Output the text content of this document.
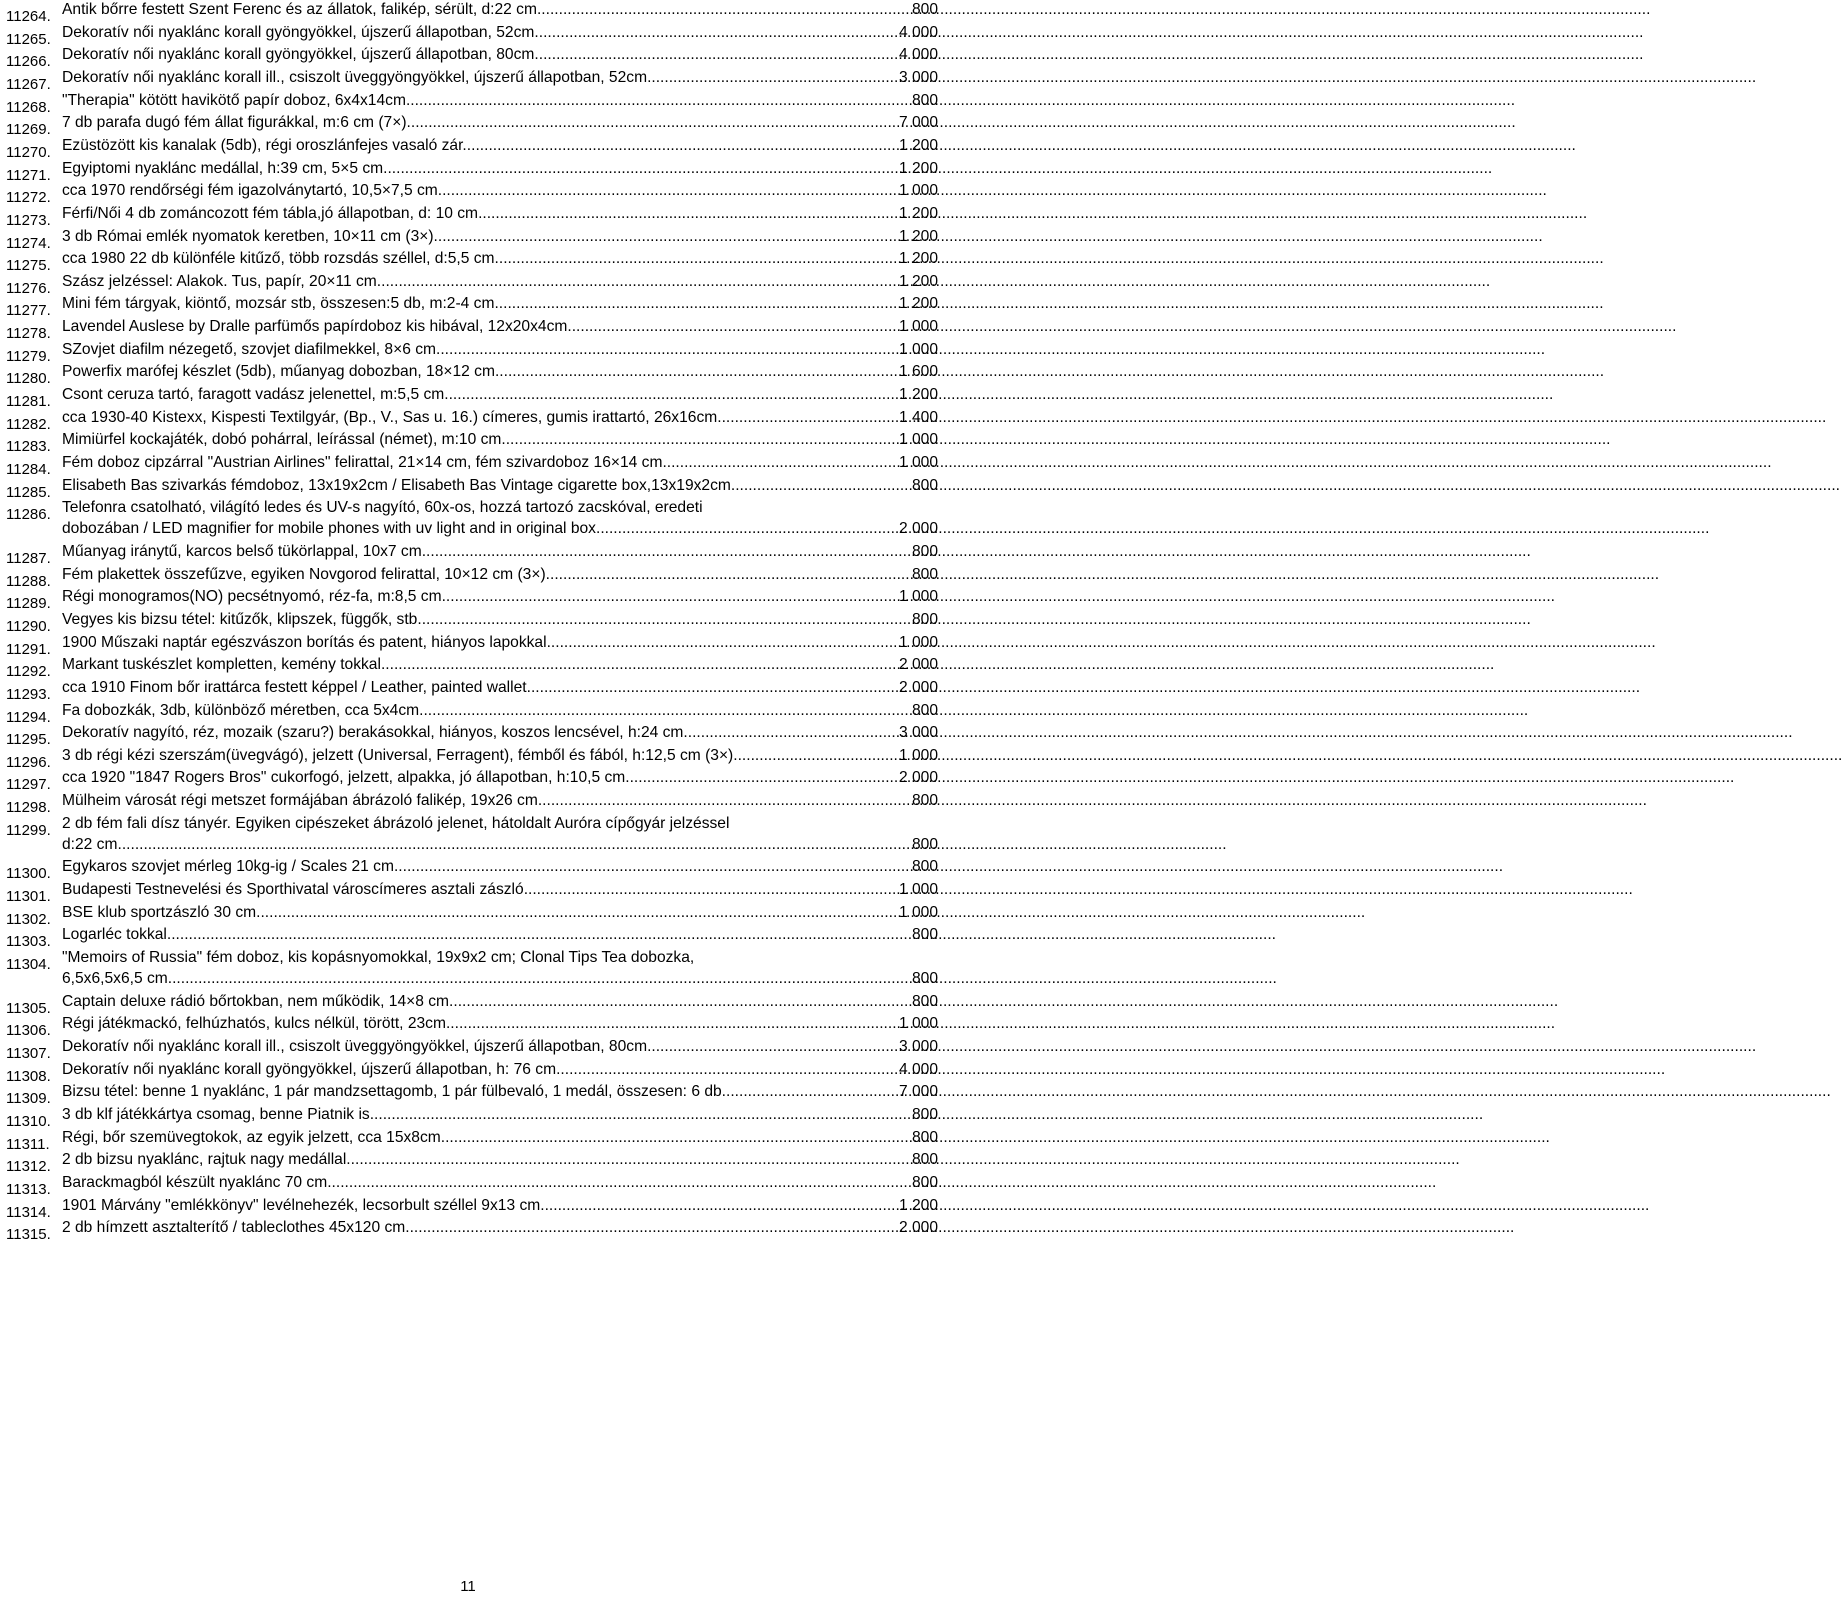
11264. Antik bőrre festett Szent Ferenc és az állatok, falikép, sérült, d:22 cm. .....	800
11265. Dekoratív női nyaklánc korall gyöngyökkel, újszerű állapotban, 52cm .....	4 000
11266. Dekoratív női nyaklánc korall gyöngyökkel, újszerű állapotban, 80cm .....	4 000
11267. Dekoratív női nyaklánc korall ill., csiszolt üveggyöngyökkel, újszerű állapotban, 52cm .....	3 000
11268. "Therapia" kötött havikötő papír doboz, 6x4x14cm .....	800
11269. 7 db parafa dugó fém állat figurákkal, m:6 cm (7×) .....	7 000
11270. Ezüstözött kis kanalak (5db), régi oroszlánfejes vasaló zár. .....	1 200
11271. Egyiptomi nyaklánc medállal, h:39 cm, 5×5 cm .....	1 200
11272. cca 1970 rendőrségi fém igazolványtartó, 10,5×7,5 cm .....	1 000
11273. Férfi/Női 4 db zománcozott fém tábla,jó állapotban, d: 10 cm .....	1 200
11274. 3 db Római emlék nyomatok keretben, 10×11 cm (3×) .....	1 200
11275. cca 1980 22 db különféle kitűző, több rozsdás széllel, d:5,5 cm .....	1 200
11276. Szász jelzéssel: Alakok. Tus, papír, 20×11 cm. .....	1 200
11277. Mini fém tárgyak, kiöntő, mozsár stb, összesen:5 db, m:2-4 cm .....	1 200
11278. Lavendel Auslese by Dralle parfümős papírdoboz kis hibával, 12x20x4cm .....	1 000
11279. SZovjet diafilm nézegető, szovjet diafilmekkel, 8×6 cm .....	1 000
11280. Powerfix marófej készlet (5db), műanyag dobozban, 18×12 cm .....	1 600
11281. Csont ceruza tartó, faragott vadász jelenettel, m:5,5 cm .....	1 200
11282. cca 1930-40 Kistexx, Kispesti Textilgyár, (Bp., V., Sas u. 16.) címeres, gumis irattartó, 26x16cm .....	1 400
11283. Mimiürfel kockajáték, dobó pohárral, leírással (német), m:10 cm .....	1 000
11284. Fém doboz cipzárral "Austrian Airlines" felirattal, 21×14 cm, fém szivardoboz 16×14 cm .....	1 000
11285. Elisabeth Bas szivarkás fémdoboz, 13x19x2cm / Elisabeth Bas Vintage cigarette box,13x19x2cm .....	800
11286. Telefonra csatolható, világító ledes és UV-s nagyító, 60x-os, hozzá tartozó zacskóval, eredeti
dobozában / LED magnifier for mobile phones with uv light and in original box. .....	2 000
11287. Műanyag iránytű, karcos belső tükörlappal, 10x7 cm .....	800
11288. Fém plakettek összefűzve, egyiken Novgorod felirattal, 10×12 cm (3×). .....	800
11289. Régi monogramos(NO) pecsétnyomó, réz-fa, m:8,5 cm. .....	1 000
11290. Vegyes kis bizsu tétel: kitűzők, klipszek, függők, stb. .....	800
11291. 1900 Műszaki naptár egészvászon borítás és patent, hiányos lapokkal .....	1 000
11292. Markant tuskészlet kompletten, kemény tokkal. .....	2 000
11293. cca 1910 Finom bőr irattárca festett képpel / Leather, painted wallet. .....	2 000
11294. Fa dobozkák, 3db, különböző méretben, cca 5x4cm .....	800
11295. Dekoratív nagyító, réz, mozaik (szaru?) berakásokkal, hiányos, koszos lencsével, h:24 cm .....	3 000
11296. 3 db régi kézi szerszám(üvegvágó), jelzett (Universal, Ferragent), fémből és fából, h:12,5 cm (3×) .....	1 000
11297. cca 1920 "1847 Rogers Bros" cukorfogó, jelzett, alpakka, jó állapotban, h:10,5 cm .....	2 000
11298. Mülheim városát régi metszet formájában ábrázoló falikép, 19x26 cm .....	800
11299. 2 db fém fali dísz tányér. Egyiken cipészeket ábrázoló jelenet, hátoldalt Auróra cípőgyár jelzéssel
d:22 cm .....	800
11300. Egykaros szovjet mérleg 10kg-ig / Scales 21 cm .....	800
11301. Budapesti Testnevelési és Sporthivatal városcímeres asztali zászló .....	1 000
11302. BSE klub sportzászló 30 cm .....	1 000
11303. Logarléc tokkal .....	800
11304. "Memoirs of Russia" fém doboz, kis kopásnyomokkal, 19x9x2 cm; Clonal Tips Tea dobozka,
6,5x6,5x6,5 cm .....	800
11305. Captain deluxe rádió bőrtokban, nem működik, 14×8 cm .....	800
11306. Régi játékmackó, felhúzhatós, kulcs nélkül, törött, 23cm .....	1 000
11307. Dekoratív női nyaklánc korall ill., csiszolt üveggyöngyökkel, újszerű állapotban, 80cm .....	3 000
11308. Dekoratív női nyaklánc korall gyöngyökkel, újszerű állapotban, h: 76 cm .....	4 000
11309. Bizsu tétel: benne 1 nyaklánc, 1 pár mandzsettagomb, 1 pár fülbevaló, 1 medál, összesen: 6 db .....	7 000
11310. 3 db klf játékkártya csomag, benne Piatnik is. .....	800
11311. Régi, bőr szemüvegtokok, az egyik jelzett, cca 15x8cm .....	800
11312. 2 db bizsu nyaklánc, rajtuk nagy medállal. .....	800
11313. Barackmagból készült nyaklánc 70 cm .....	800
11314. 1901 Márvány "emlékkönyv" levélnehezék, lecsorbult széllel 9x13 cm .....	1 200
11315. 2 db hímzett asztalterítő / tableclothes 45x120 cm .....	2 000
11
